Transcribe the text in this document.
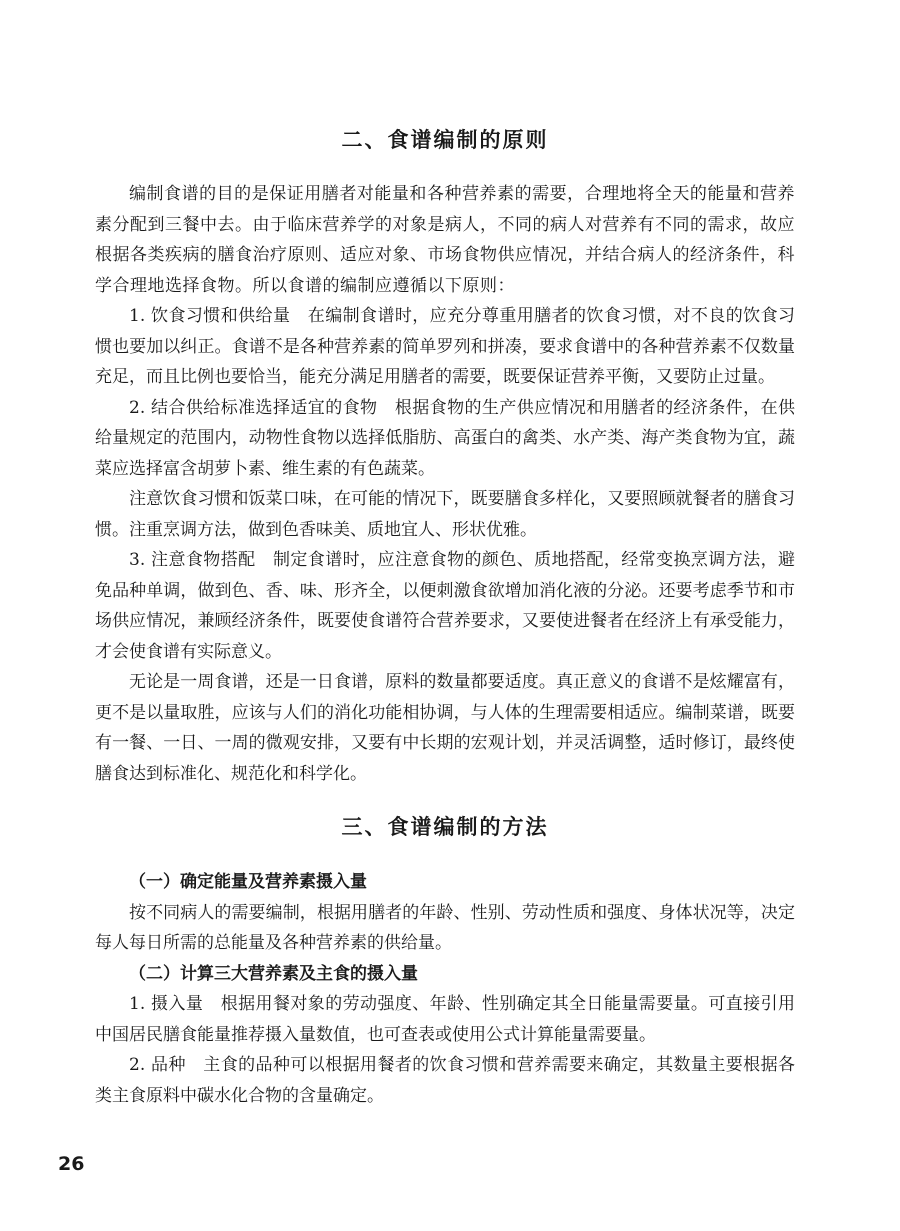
二、食谱编制的原则

编制食谱的目的是保证用膳者对能量和各种营养素的需要，合理地将全天的能量和营养素分配到三餐中去。由于临床营养学的对象是病人，不同的病人对营养有不同的需求，故应根据各类疾病的膳食治疗原则、适应对象、市场食物供应情况，并结合病人的经济条件，科学合理地选择食物。所以食谱的编制应遵循以下原则：

1. 饮食习惯和供给量　在编制食谱时，应充分尊重用膳者的饮食习惯，对不良的饮食习惯也要加以纠正。食谱不是各种营养素的简单罗列和拼凑，要求食谱中的各种营养素不仅数量充足，而且比例也要恰当，能充分满足用膳者的需要，既要保证营养平衡，又要防止过量。

2. 结合供给标准选择适宜的食物　根据食物的生产供应情况和用膳者的经济条件，在供给量规定的范围内，动物性食物以选择低脂肪、高蛋白的禽类、水产类、海产类食物为宜，蔬菜应选择富含胡萝卜素、维生素的有色蔬菜。

注意饮食习惯和饭菜口味，在可能的情况下，既要膳食多样化，又要照顾就餐者的膳食习惯。注重烹调方法，做到色香味美、质地宜人、形状优雅。

3. 注意食物搭配　制定食谱时，应注意食物的颜色、质地搭配，经常变换烹调方法，避免品种单调，做到色、香、味、形齐全，以便刺激食欲增加消化液的分泌。还要考虑季节和市场供应情况，兼顾经济条件，既要使食谱符合营养要求，又要使进餐者在经济上有承受能力，才会使食谱有实际意义。

无论是一周食谱，还是一日食谱，原料的数量都要适度。真正意义的食谱不是炫耀富有，更不是以量取胜，应该与人们的消化功能相协调，与人体的生理需要相适应。编制菜谱，既要有一餐、一日、一周的微观安排，又要有中长期的宏观计划，并灵活调整，适时修订，最终使膳食达到标准化、规范化和科学化。

三、食谱编制的方法
（一）确定能量及营养素摄入量

按不同病人的需要编制，根据用膳者的年龄、性别、劳动性质和强度、身体状况等，决定每人每日所需的总能量及各种营养素的供给量。

（二）计算三大营养素及主食的摄入量

1. 摄入量　根据用餐对象的劳动强度、年龄、性别确定其全日能量需要量。可直接引用中国居民膳食能量推荐摄入量数值，也可查表或使用公式计算能量需要量。

2. 品种　主食的品种可以根据用餐者的饮食习惯和营养需要来确定，其数量主要根据各类主食原料中碳水化合物的含量确定。

26
